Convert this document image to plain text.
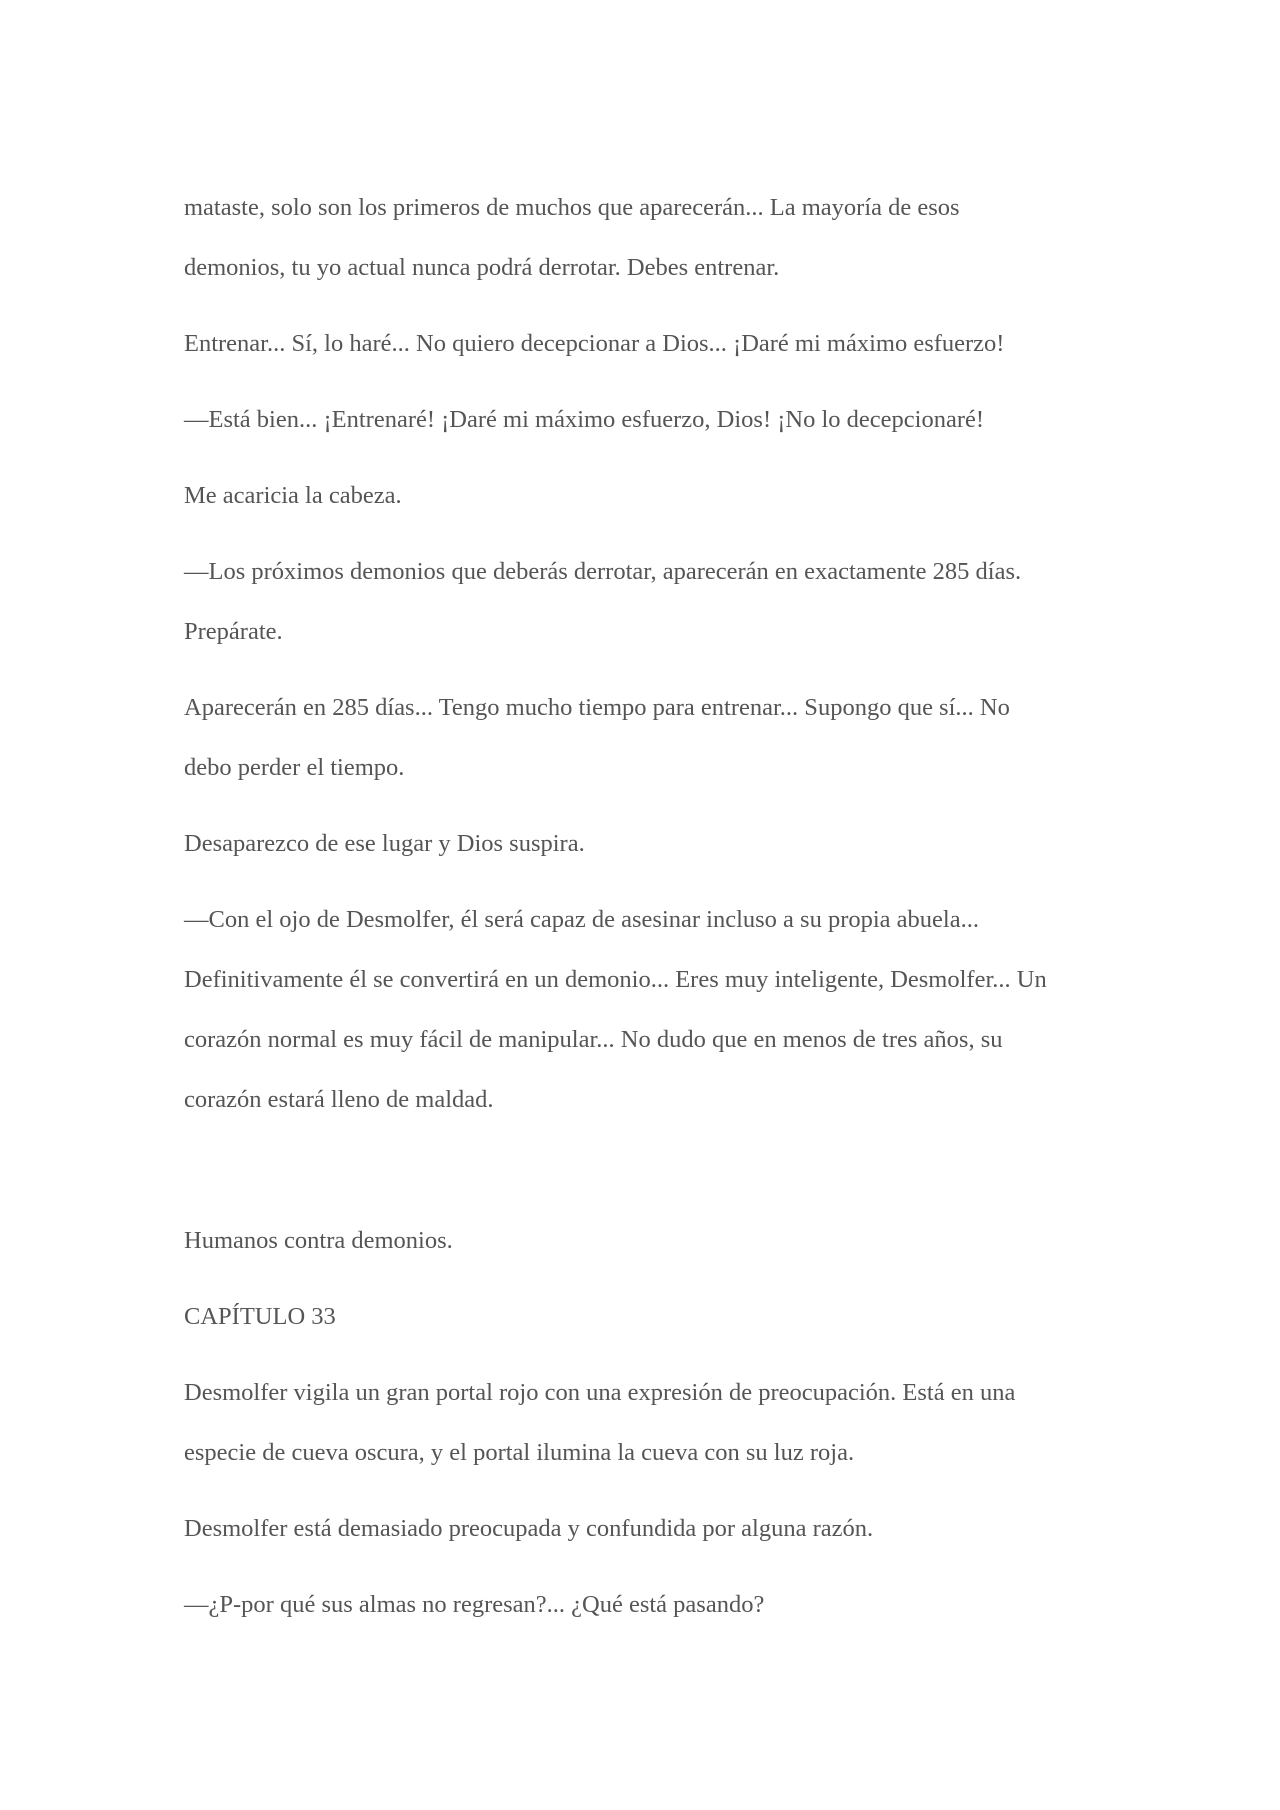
mataste, solo son los primeros de muchos que aparecerán... La mayoría de esos
demonios, tu yo actual nunca podrá derrotar. Debes entrenar.

Entrenar... Sí, lo haré... No quiero decepcionar a Dios... ¡Daré mi máximo esfuerzo!

—Está bien... ¡Entrenaré! ¡Daré mi máximo esfuerzo, Dios! ¡No lo decepcionaré!

Me acaricia la cabeza.

—Los próximos demonios que deberás derrotar, aparecerán en exactamente 285 días.
Prepárate.

Aparecerán en 285 días... Tengo mucho tiempo para entrenar... Supongo que sí... No
debo perder el tiempo.

Desaparezco de ese lugar y Dios suspira.

—Con el ojo de Desmolfer, él será capaz de asesinar incluso a su propia abuela...
Definitivamente él se convertirá en un demonio... Eres muy inteligente, Desmolfer... Un
corazón normal es muy fácil de manipular... No dudo que en menos de tres años, su
corazón estará lleno de maldad.

Humanos contra demonios.

CAPÍTULO 33

Desmolfer vigila un gran portal rojo con una expresión de preocupación. Está en una
especie de cueva oscura, y el portal ilumina la cueva con su luz roja.

Desmolfer está demasiado preocupada y confundida por alguna razón.

—¿P-por qué sus almas no regresan?... ¿Qué está pasando?
